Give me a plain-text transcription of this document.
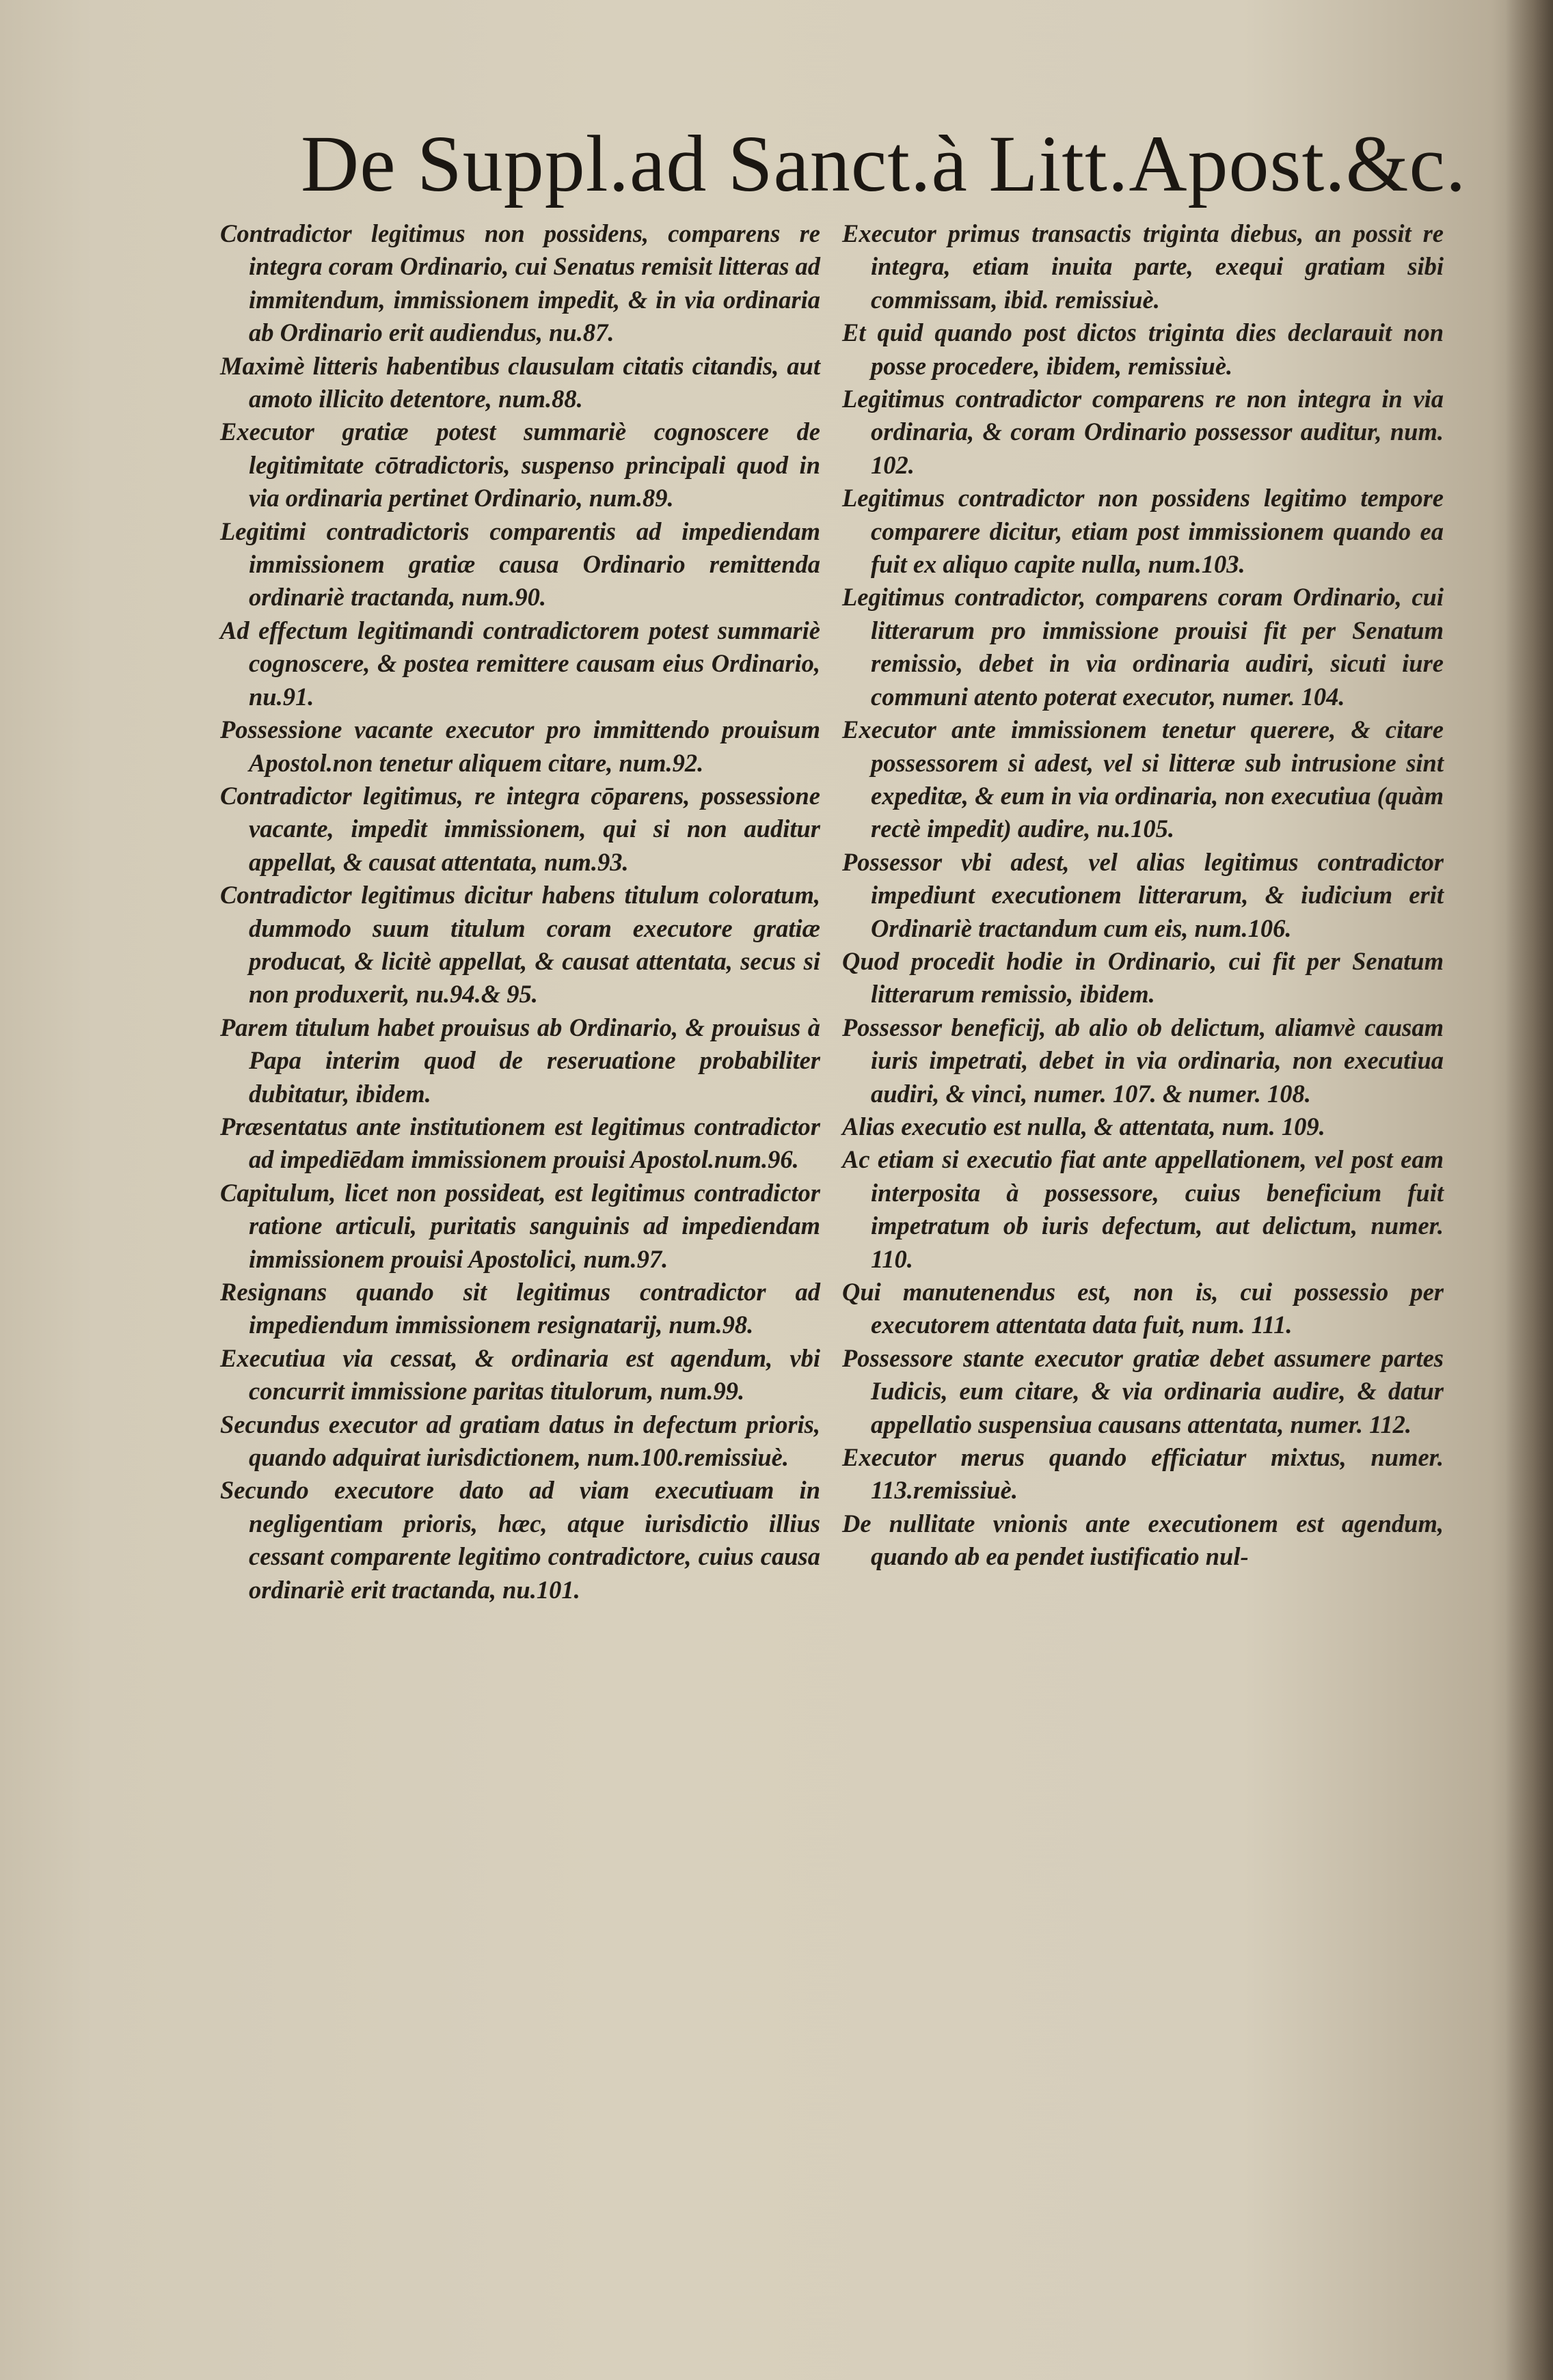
De Suppl.ad Sanct.à Litt.Apost.&c.

Contradictor legitimus non possidens, comparens re integra coram Ordinario, cui Senatus remisit litteras ad immitendum, immissionem impedit, & in via ordinaria ab Ordinario erit audiendus, nu.87.

Maximè litteris habentibus clausulam citatis citandis, aut amoto illicito detentore, num.88.

Executor gratiæ potest summariè cognoscere de legitimitate cōtradictoris, suspenso principali quod in via ordinaria pertinet Ordinario, num.89.

Legitimi contradictoris comparentis ad impediendam immissionem gratiæ causa Ordinario remittenda ordinariè tractanda, num.90.

Ad effectum legitimandi contradictorem potest summariè cognoscere, & postea remittere causam eius Ordinario, nu.91.

Possessione vacante executor pro immittendo prouisum Apostol.non tenetur aliquem citare, num.92.

Contradictor legitimus, re integra cōparens, possessione vacante, impedit immissionem, qui si non auditur appellat, & causat attentata, num.93.

Contradictor legitimus dicitur habens titulum coloratum, dummodo suum titulum coram executore gratiæ producat, & licitè appellat, & causat attentata, secus si non produxerit, nu.94.& 95.

Parem titulum habet prouisus ab Ordinario, & prouisus à Papa interim quod de reseruatione probabiliter dubitatur, ibidem.

Præsentatus ante institutionem est legitimus contradictor ad impediēdam immissionem prouisi Apostol.num.96.

Capitulum, licet non possideat, est legitimus contradictor ratione articuli, puritatis sanguinis ad impediendam immissionem prouisi Apostolici, num.97.

Resignans quando sit legitimus contradictor ad impediendum immissionem resignatarij, num.98.

Executiua via cessat, & ordinaria est agendum, vbi concurrit immissione paritas titulorum, num.99.

Secundus executor ad gratiam datus in defectum prioris, quando adquirat iurisdictionem, num.100.remissiuè.

Secundo executore dato ad viam executiuam in negligentiam prioris, hæc, atque iurisdictio illius cessant comparente legitimo contradictore, cuius causa ordinariè erit tractanda, nu.101.

Executor primus transactis triginta diebus, an possit re integra, etiam inuita parte, exequi gratiam sibi commissam, ibid. remissiuè.

Et quid quando post dictos triginta dies declarauit non posse procedere, ibidem, remissiuè.

Legitimus contradictor comparens re non integra in via ordinaria, & coram Ordinario possessor auditur, num. 102.

Legitimus contradictor non possidens legitimo tempore comparere dicitur, etiam post immissionem quando ea fuit ex aliquo capite nulla, num.103.

Legitimus contradictor, comparens coram Ordinario, cui litterarum pro immissione prouisi fit per Senatum remissio, debet in via ordinaria audiri, sicuti iure communi atento poterat executor, numer. 104.

Executor ante immissionem tenetur querere, & citare possessorem si adest, vel si litteræ sub intrusione sint expeditæ, & eum in via ordinaria, non executiua (quàm rectè impedit) audire, nu.105.

Possessor vbi adest, vel alias legitimus contradictor impediunt executionem litterarum, & iudicium erit Ordinariè tractandum cum eis, num.106.

Quod procedit hodie in Ordinario, cui fit per Senatum litterarum remissio, ibidem.

Possessor beneficij, ab alio ob delictum, aliamvè causam iuris impetrati, debet in via ordinaria, non executiua audiri, & vinci, numer. 107. & numer. 108.

Alias executio est nulla, & attentata, num. 109.

Ac etiam si executio fiat ante appellationem, vel post eam interposita à possessore, cuius beneficium fuit impetratum ob iuris defectum, aut delictum, numer. 110.

Qui manutenendus est, non is, cui possessio per executorem attentata data fuit, num. 111.

Possessore stante executor gratiæ debet assumere partes Iudicis, eum citare, & via ordinaria audire, & datur appellatio suspensiua causans attentata, numer. 112.

Executor merus quando efficiatur mixtus, numer. 113.remissiuè.

De nullitate vnionis ante executionem est agendum, quando ab ea pendet iustificatio nul-
